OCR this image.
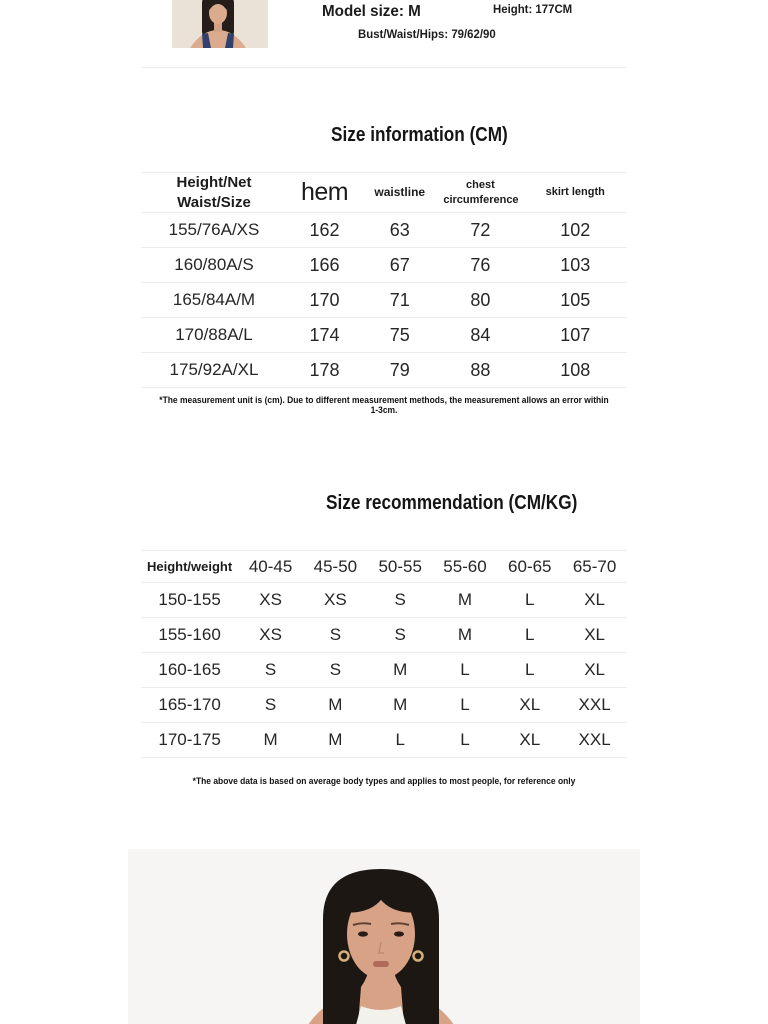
Model size: M	Height: 177CM
Bust/Waist/Hips: 79/62/90
Size information (CM)
Height/Net Waist/Size	hem	waistline	chest circumference	skirt length
155/76A/XS	162	63	72	102
160/80A/S	166	67	76	103
165/84A/M	170	71	80	105
170/88A/L	174	75	84	107
175/92A/XL	178	79	88	108
*The measurement unit is (cm). Due to different measurement methods, the measurement allows an error within 1-3cm.
Size recommendation (CM/KG)
Height/weight	40-45	45-50	50-55	55-60	60-65	65-70
150-155	XS	XS	S	M	L	XL
155-160	XS	S	S	M	L	XL
160-165	S	S	M	L	L	XL
165-170	S	M	M	L	XL	XXL
170-175	M	M	L	L	XL	XXL
*The above data is based on average body types and applies to most people, for reference only
